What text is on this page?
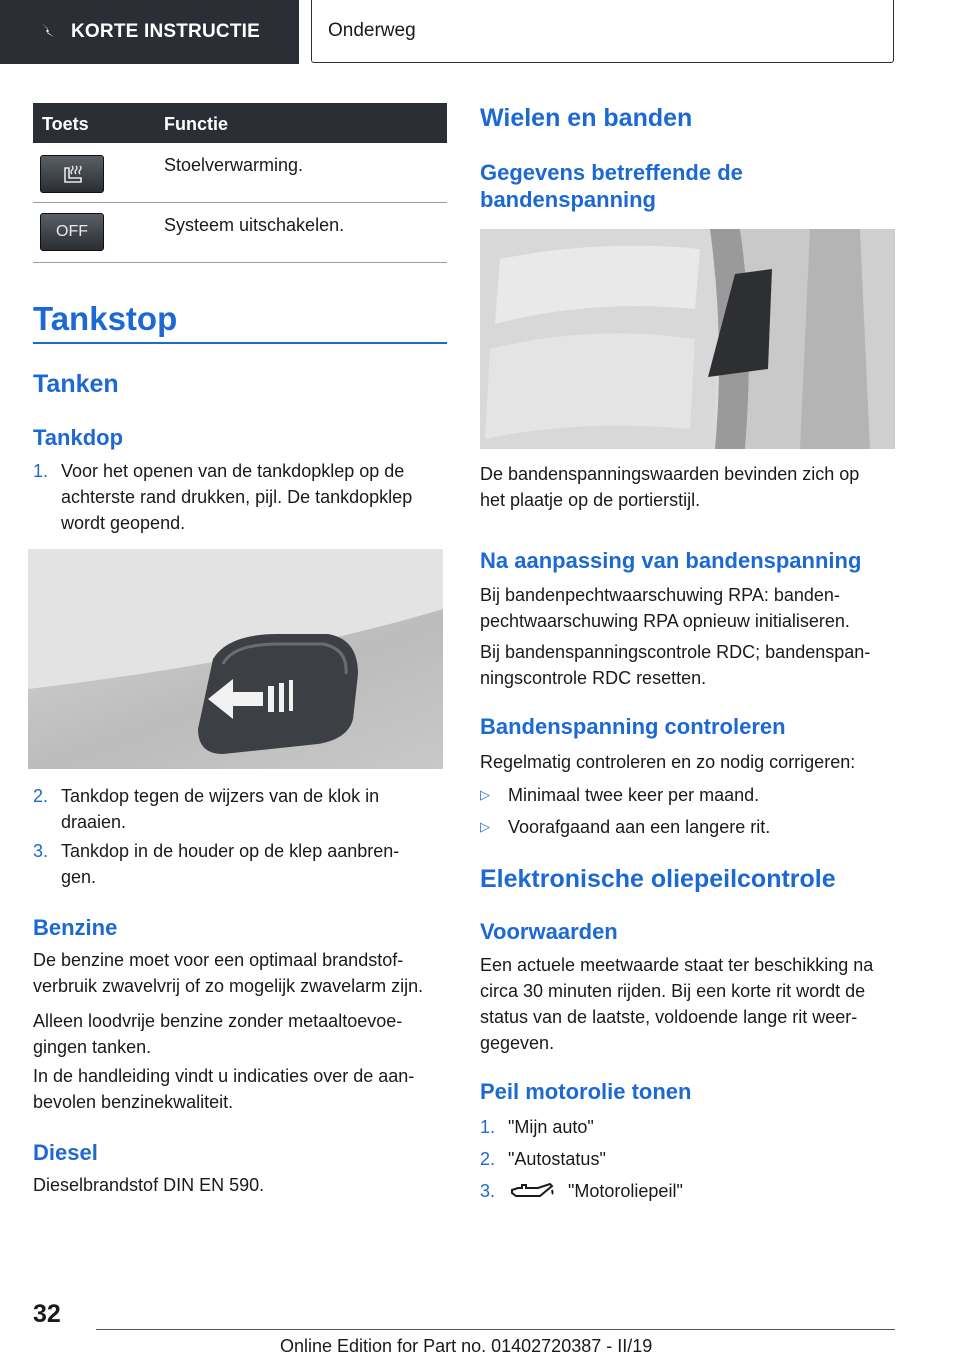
KORTE INSTRUCTIE	Onderweg
Toets	Functie
Stoelverwarming.
OFF	Systeem uitschakelen.
Tankstop
Tanken
Tankdop
1. Voor het openen van de tankdopklep op de
achterste rand drukken, pijl. De tankdopklep
wordt geopend.
2. Tankdop tegen de wijzers van de klok in
draaien.
3. Tankdop in de houder op de klep aanbren-
gen.
Benzine
De benzine moet voor een optimaal brandstof-
verbruik zwavelvrij of zo mogelijk zwavelarm zijn.
Alleen loodvrije benzine zonder metaaltoevoe-
gingen tanken.
In de handleiding vindt u indicaties over de aan-
bevolen benzinekwaliteit.
Diesel
Dieselbrandstof DIN EN 590.
Wielen en banden
Gegevens betreffende de
bandenspanning
De bandenspanningswaarden bevinden zich op
het plaatje op de portierstijl.
Na aanpassing van bandenspanning
Bij bandenpechtwaarschuwing RPA: banden-
pechtwaarschuwing RPA opnieuw initialiseren.
Bij bandenspanningscontrole RDC; bandenspan-
ningscontrole RDC resetten.
Bandenspanning controleren
Regelmatig controleren en zo nodig corrigeren:
▷ Minimaal twee keer per maand.
▷ Voorafgaand aan een langere rit.
Elektronische oliepeilcontrole
Voorwaarden
Een actuele meetwaarde staat ter beschikking na
circa 30 minuten rijden. Bij een korte rit wordt de
status van de laatste, voldoende lange rit weer-
gegeven.
Peil motorolie tonen
1. "Mijn auto"
2. "Autostatus"
3.	"Motoroliepeil"
32
Online Edition for Part no. 01402720387 - II/19
